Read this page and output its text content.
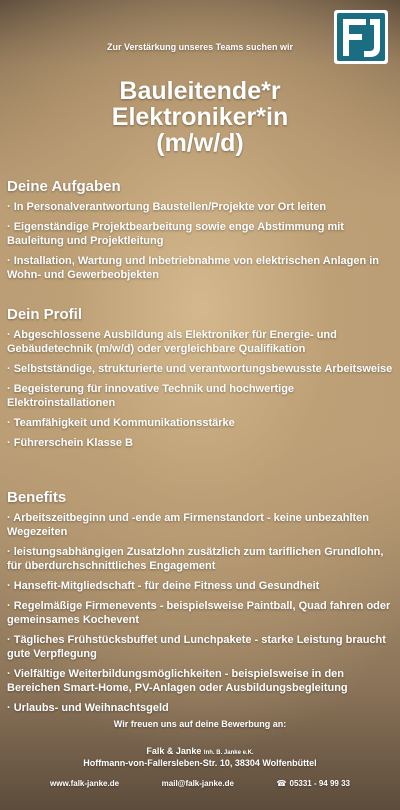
Zur Verstärkung unseres Teams suchen wir
Bauleitende*r
Elektroniker*in
(m/w/d)
Deine Aufgaben
· In Personalverantwortung Baustellen/Projekte vor Ort leiten
· Eigenständige Projektbearbeitung sowie enge Abstimmung mit Bauleitung und Projektleitung
· Installation, Wartung und Inbetriebnahme von elektrischen Anlagen in Wohn- und Gewerbeobjekten
Dein Profil
· Abgeschlossene Ausbildung als Elektroniker für Energie- und Gebäudetechnik (m/w/d) oder vergleichbare Qualifikation
· Selbstständige, strukturierte und verantwortungsbewusste Arbeitsweise
· Begeisterung für innovative Technik und hochwertige Elektroinstallationen
· Teamfähigkeit und Kommunikationsstärke
· Führerschein Klasse B
Benefits
· Arbeitszeitbeginn und -ende am Firmenstandort - keine unbezahlten Wegezeiten
· leistungsabhängigen Zusatzlohn zusätzlich zum tariflichen Grundlohn, für überdurchschnittliches Engagement
· Hansefit-Mitgliedschaft - für deine Fitness und Gesundheit
· Regelmäßige Firmenevents - beispielsweise Paintball, Quad fahren oder gemeinsames Kochevent
· Tägliches Frühstücksbuffet und Lunchpakete - starke Leistung braucht gute Verpflegung
· Vielfältige Weiterbildungsmöglichkeiten - beispielsweise in den Bereichen Smart-Home, PV-Anlagen oder Ausbildungsbegleitung
· Urlaubs- und Weihnachtsgeld
Wir freuen uns auf deine Bewerbung an:
Falk & Janke Inh. B. Janke e.K.
Hoffmann-von-Fallersleben-Str. 10, 38304 Wolfenbüttel
www.falk-janke.de	mail@falk-janke.de	☎ 05331 - 94 99 33
